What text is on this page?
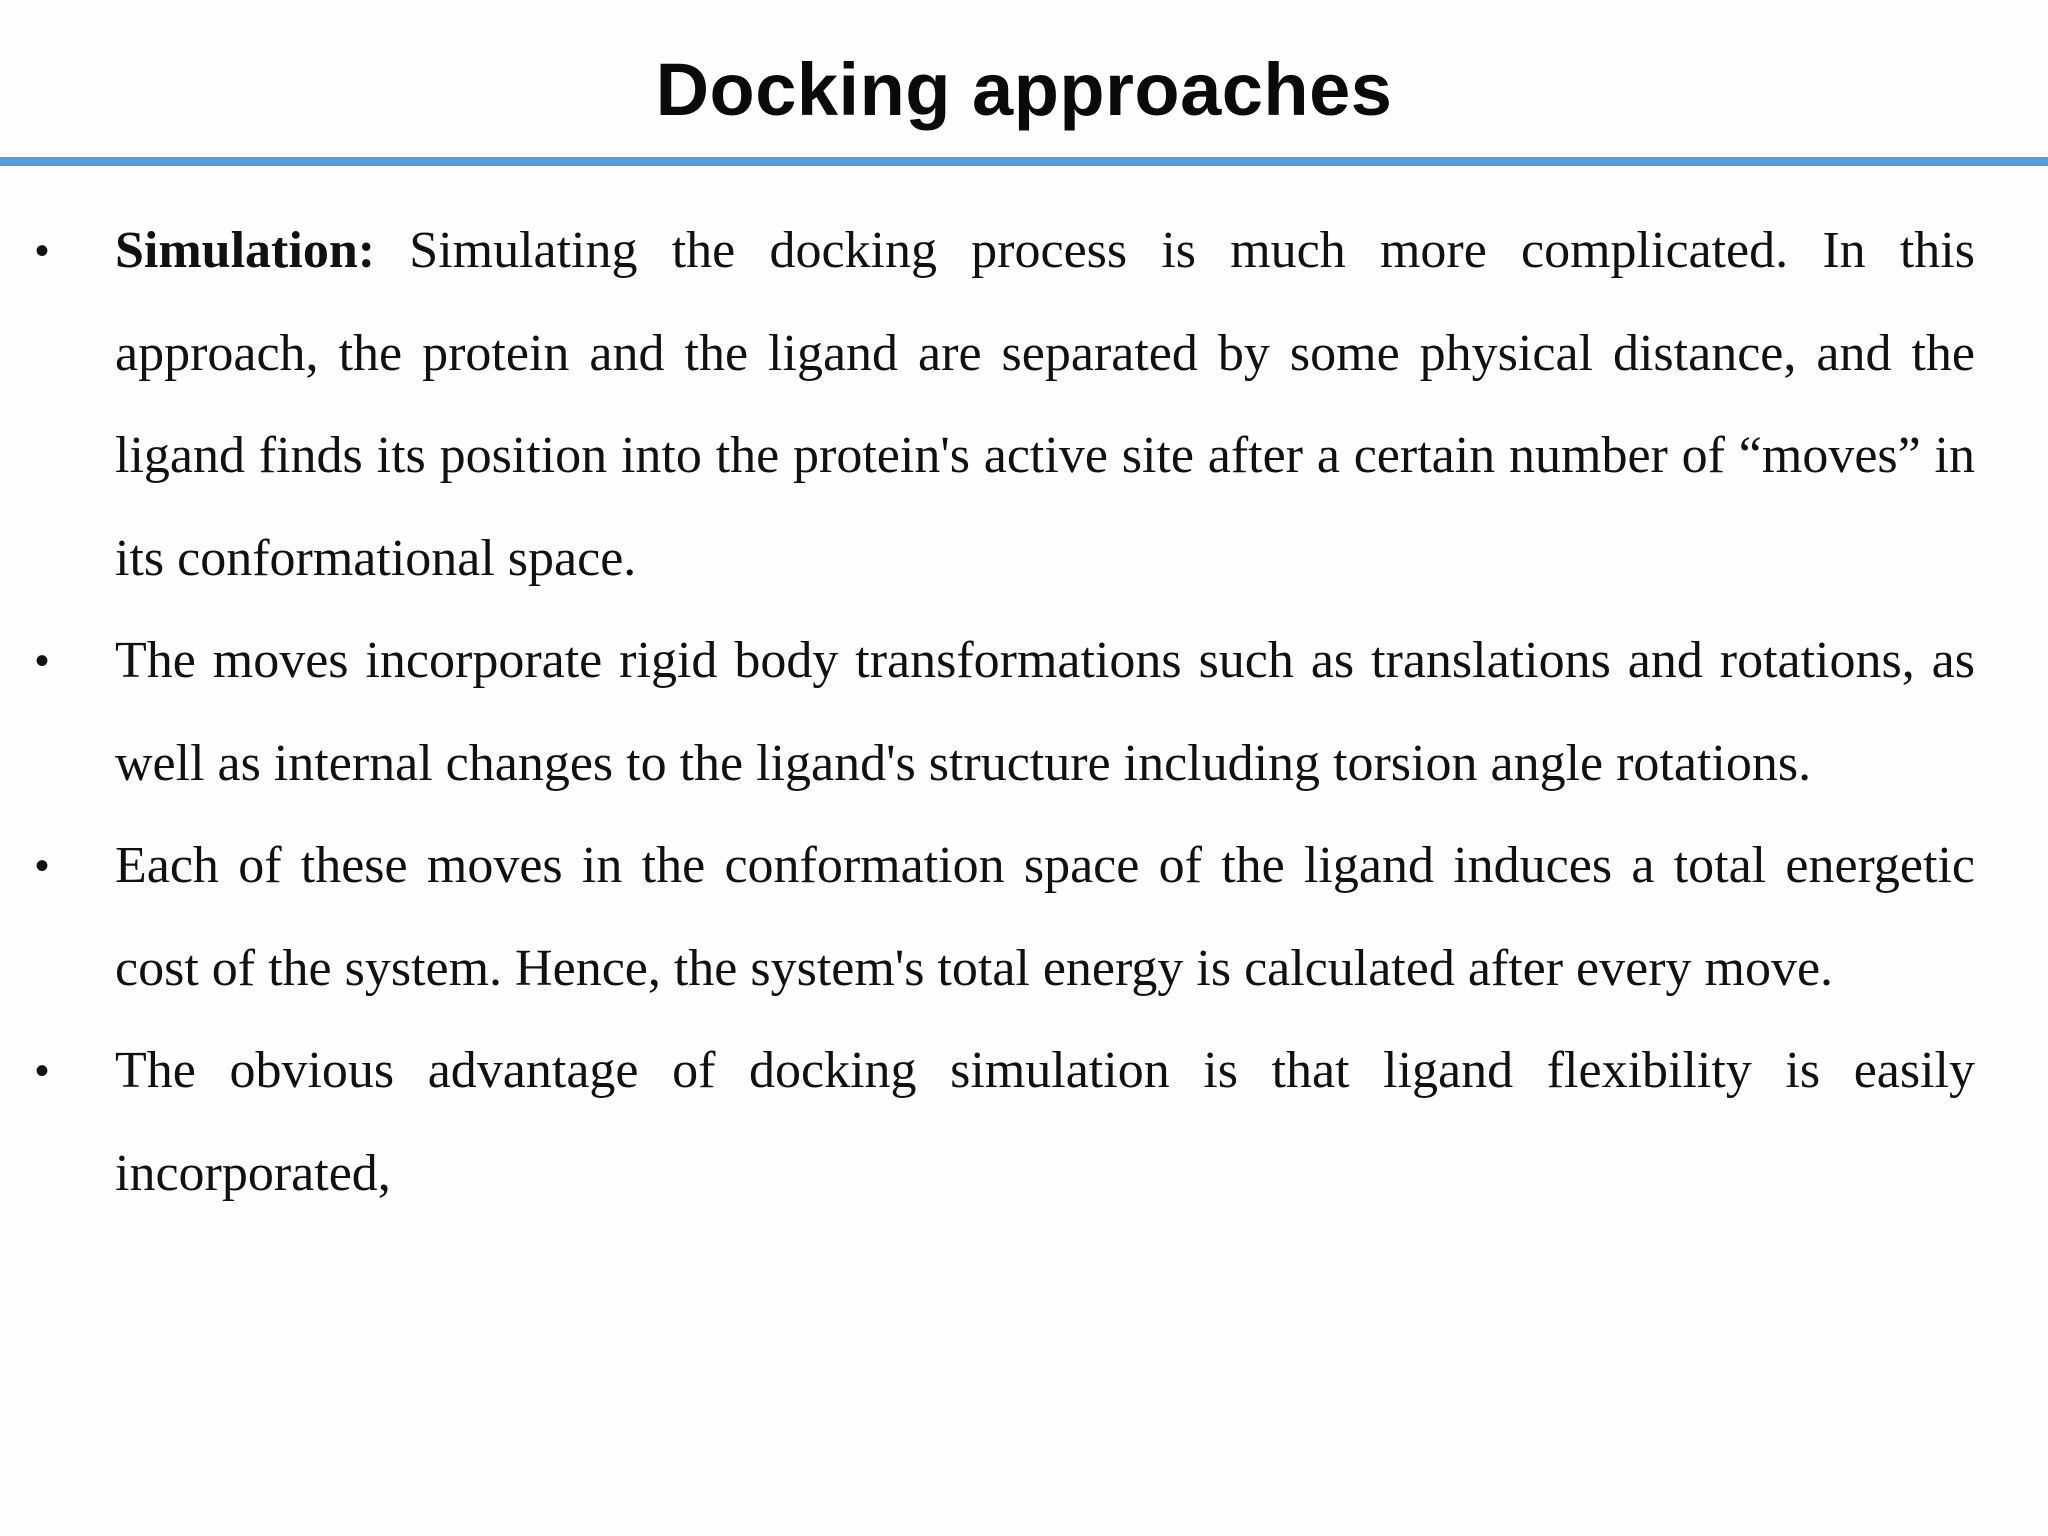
Docking approaches
•	Simulation: Simulating the docking process is much more complicated. In this approach, the protein and the ligand are separated by some physical distance, and the ligand finds its position into the protein's active site after a certain number of “moves” in its conformational space.
•	The moves incorporate rigid body transformations such as translations and rotations, as well as internal changes to the ligand's structure including torsion angle rotations.
•	Each of these moves in the conformation space of the ligand induces a total energetic cost of the system. Hence, the system's total energy is calculated after every move.
•	The obvious advantage of docking simulation is that ligand flexibility is easily incorporated,
